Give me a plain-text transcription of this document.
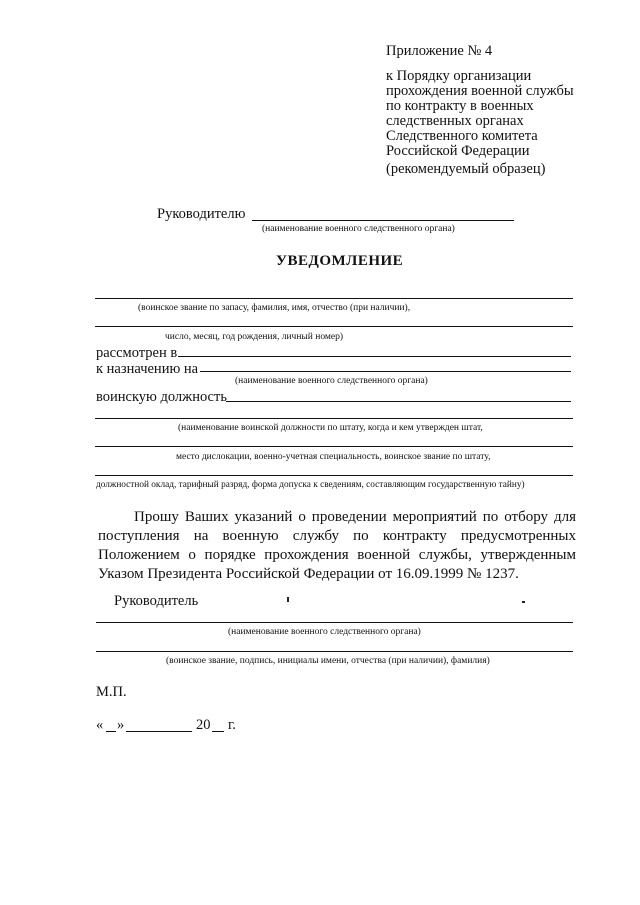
Приложение № 4
к Порядку организации
прохождения военной службы
по контракту в военных
следственных органах
Следственного комитета
Российской Федерации
(рекомендуемый образец)
Руководителю
(наименование военного следственного органа)
УВЕДОМЛЕНИЕ
(воинское звание по запасу, фамилия, имя, отчество (при наличии),
число, месяц, год рождения, личный номер)
рассмотрен в
к назначению на
(наименование военного следственного органа)
воинскую должность
(наименование воинской должности по штату, когда и кем утвержден штат,
место дислокации, военно-учетная специальность, воинское звание по штату,
должностной оклад, тарифный разряд, форма допуска к сведениям, составляющим государственную тайну)
Прошу Ваших указаний о проведении мероприятий по отбору для
поступления на военную службу по контракту предусмотренных
Положением о порядке прохождения военной службы, утвержденным
Указом Президента Российской Федерации от 16.09.1999 № 1237.
Руководитель
(наименование военного следственного органа)
(воинское звание, подпись, инициалы имени, отчества (при наличии), фамилия)
М.П.
« »	20 г.
